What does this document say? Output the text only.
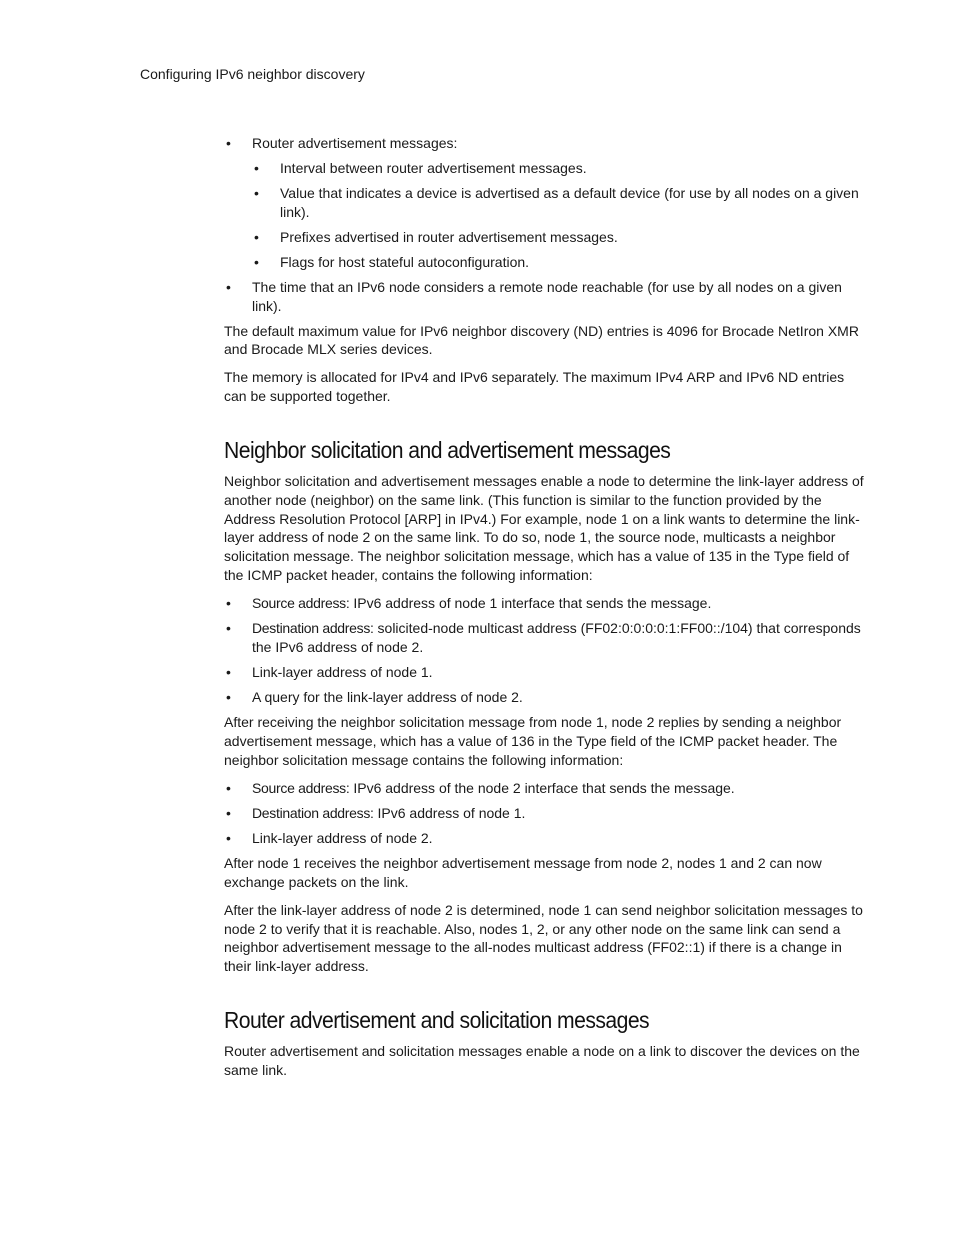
Configuring IPv6 neighbor discovery
• Router advertisement messages:
• Interval between router advertisement messages.
• Value that indicates a device is advertised as a default device (for use by all nodes on a given link).
• Prefixes advertised in router advertisement messages.
• Flags for host stateful autoconfiguration.
• The time that an IPv6 node considers a remote node reachable (for use by all nodes on a given link).

The default maximum value for IPv6 neighbor discovery (ND) entries is 4096 for Brocade NetIron XMR and Brocade MLX series devices.

The memory is allocated for IPv4 and IPv6 separately. The maximum IPv4 ARP and IPv6 ND entries can be supported together.

Neighbor solicitation and advertisement messages

Neighbor solicitation and advertisement messages enable a node to determine the link-layer address of another node (neighbor) on the same link. (This function is similar to the function provided by the Address Resolution Protocol [ARP] in IPv4.) For example, node 1 on a link wants to determine the link-layer address of node 2 on the same link. To do so, node 1, the source node, multicasts a neighbor solicitation message. The neighbor solicitation message, which has a value of 135 in the Type field of the ICMP packet header, contains the following information:

• Source address: IPv6 address of node 1 interface that sends the message.
• Destination address: solicited-node multicast address (FF02:0:0:0:0:1:FF00::/104) that corresponds the IPv6 address of node 2.
• Link-layer address of node 1.
• A query for the link-layer address of node 2.

After receiving the neighbor solicitation message from node 1, node 2 replies by sending a neighbor advertisement message, which has a value of 136 in the Type field of the ICMP packet header. The neighbor solicitation message contains the following information:

• Source address: IPv6 address of the node 2 interface that sends the message.
• Destination address: IPv6 address of node 1.
• Link-layer address of node 2.

After node 1 receives the neighbor advertisement message from node 2, nodes 1 and 2 can now exchange packets on the link.

After the link-layer address of node 2 is determined, node 1 can send neighbor solicitation messages to node 2 to verify that it is reachable. Also, nodes 1, 2, or any other node on the same link can send a neighbor advertisement message to the all-nodes multicast address (FF02::1) if there is a change in their link-layer address.

Router advertisement and solicitation messages

Router advertisement and solicitation messages enable a node on a link to discover the devices on the same link.
